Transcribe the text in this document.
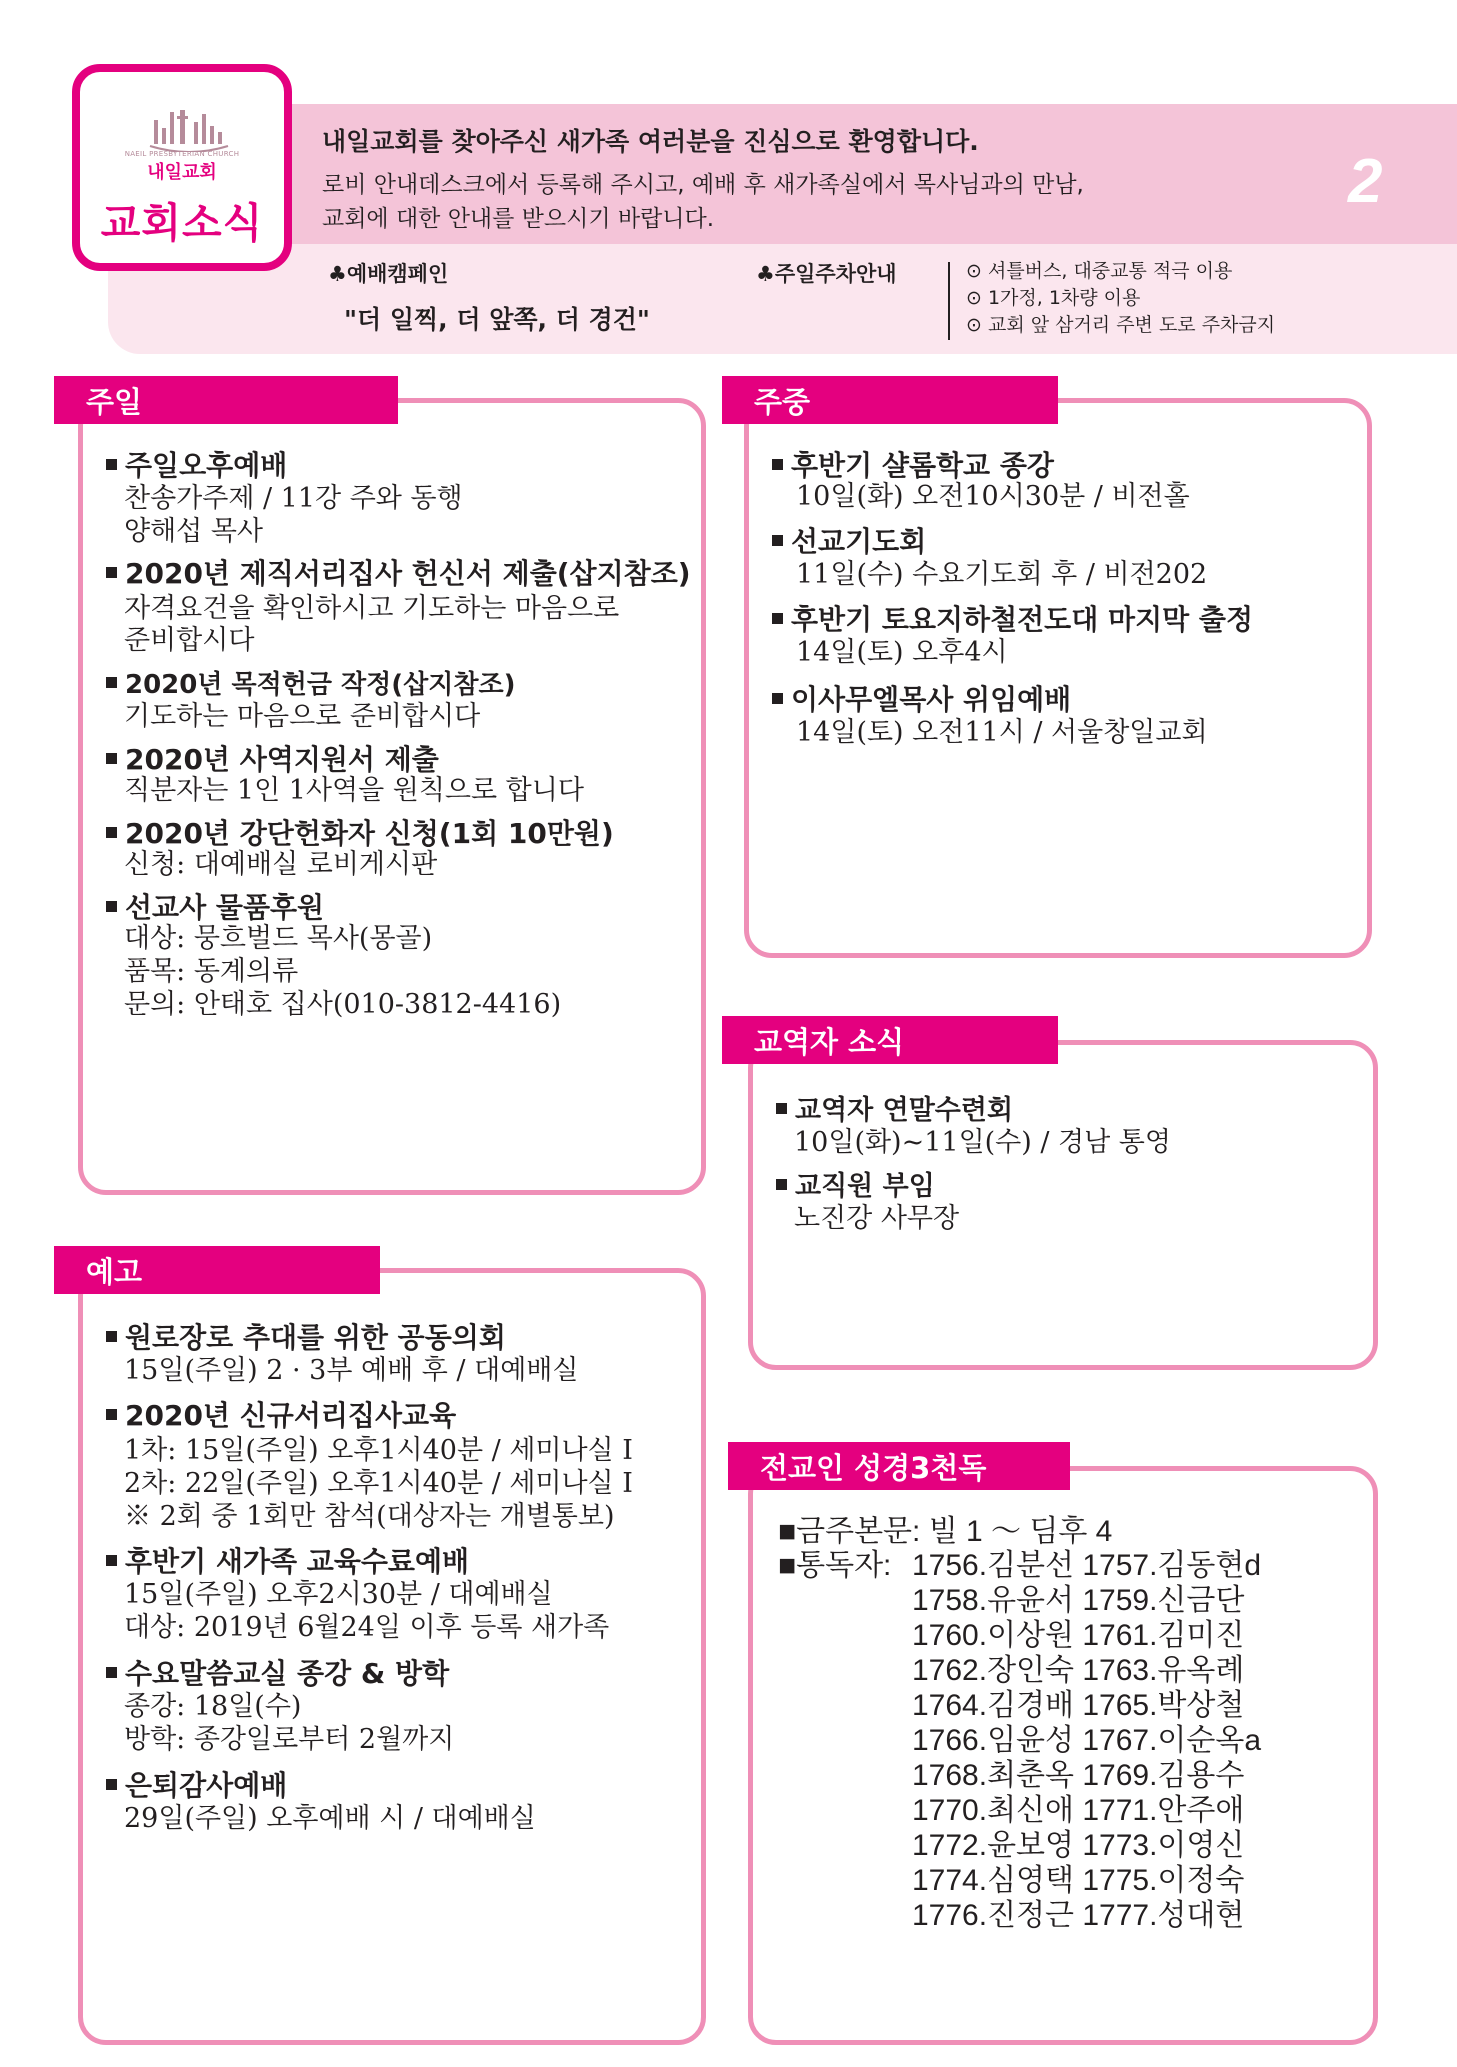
NAEIL PRESBYTERIAN CHURCH
내일교회
교회소식
내일교회를 찾아주신 새가족 여러분을 진심으로 환영합니다.
로비 안내데스크에서 등록해 주시고, 예배 후 새가족실에서 목사님과의 만남,
교회에 대한 안내를 받으시기 바랍니다.
2
♣예배캠페인
"더 일찍, 더 앞쪽, 더 경건"
♣주일주차안내	⊙ 셔틀버스, 대중교통 적극 이용
⊙ 1가정, 1차량 이용
⊙ 교회 앞 삼거리 주변 도로 주차금지
주일
주일오후예배
찬송가주제 / 11강 주와 동행
양해섭 목사
2020년 제직서리집사 헌신서 제출(삽지참조)
자격요건을 확인하시고 기도하는 마음으로
준비합시다
2020년 목적헌금 작정(삽지참조)
기도하는 마음으로 준비합시다
2020년 사역지원서 제출
직분자는 1인 1사역을 원칙으로 합니다
2020년 강단헌화자 신청(1회 10만원)
신청: 대예배실 로비게시판
선교사 물품후원
대상: 뭉흐벌드 목사(몽골)
품목: 동계의류
문의: 안태호 집사(010-3812-4416)
주중
후반기 샬롬학교 종강
10일(화) 오전10시30분 / 비전홀
선교기도회
11일(수) 수요기도회 후 / 비전202
후반기 토요지하철전도대 마지막 출정
14일(토) 오후4시
이사무엘목사 위임예배
14일(토) 오전11시 / 서울창일교회
교역자 소식
교역자 연말수련회
10일(화)~11일(수) / 경남 통영
교직원 부임
노진강 사무장
예고
원로장로 추대를 위한 공동의회
15일(주일) 2 · 3부 예배 후 / 대예배실
2020년 신규서리집사교육
1차: 15일(주일) 오후1시40분 / 세미나실 I
2차: 22일(주일) 오후1시40분 / 세미나실 I
※ 2회 중 1회만 참석(대상자는 개별통보)
후반기 새가족 교육수료예배
15일(주일) 오후2시30분 / 대예배실
대상: 2019년 6월24일 이후 등록 새가족
수요말씀교실 종강 & 방학
종강: 18일(수)
방학: 종강일로부터 2월까지
은퇴감사예배
29일(주일) 오후예배 시 / 대예배실
전교인 성경3천독
■금주본문: 빌 1 ～ 딤후 4
■통독자: 1756.김분선 1757.김동현d
1758.유윤서 1759.신금단
1760.이상원 1761.김미진
1762.장인숙 1763.유옥례
1764.김경배 1765.박상철
1766.임윤성 1767.이순옥a
1768.최춘옥 1769.김용수
1770.최신애 1771.안주애
1772.윤보영 1773.이영신
1774.심영택 1775.이정숙
1776.진정근 1777.성대현
